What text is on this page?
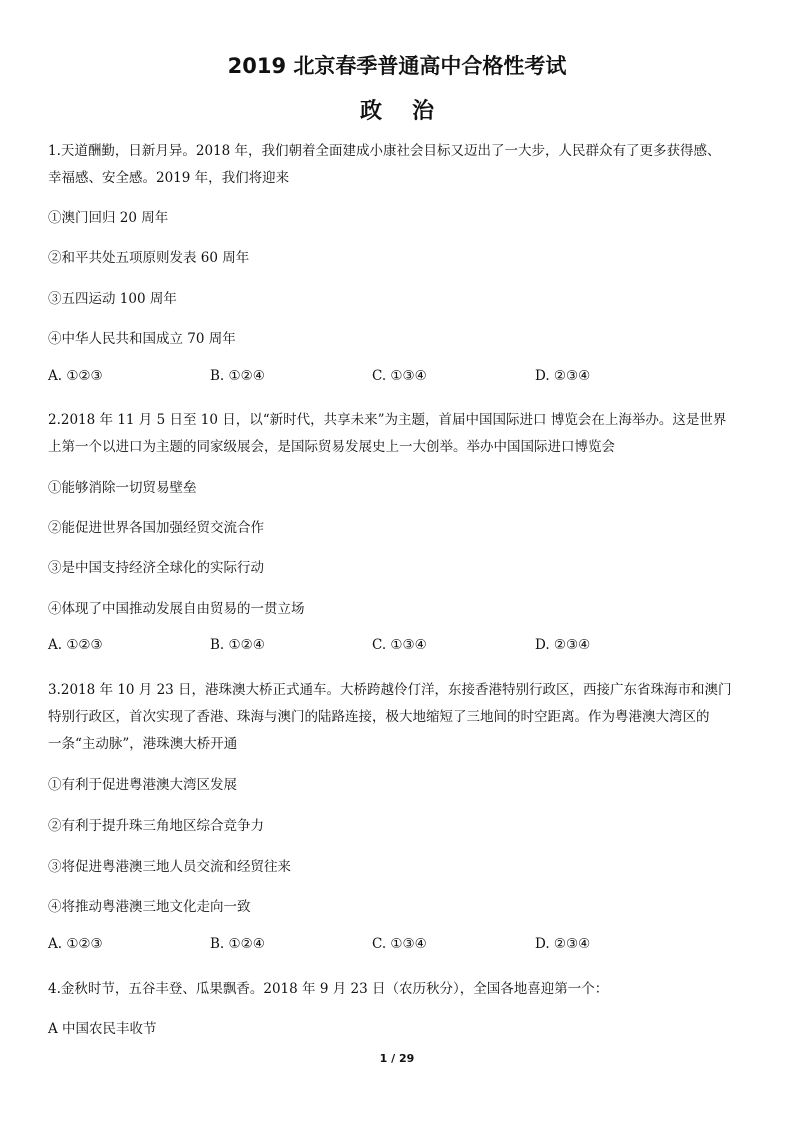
2019 北京春季普通高中合格性考试
政治
1.天道酬勤，日新月异。2018 年，我们朝着全面建成小康社会目标又迈出了一大步，人民群众有了更多获得感、
幸福感、安全感。2019 年，我们将迎来
①澳门回归 20 周年
②和平共处五项原则发表 60 周年
③五四运动 100 周年
④中华人民共和国成立 70 周年
A. ①②③	B. ①②④	C. ①③④	D. ②③④
2.2018 年 11 月 5 日至 10 日，以“新时代，共享未来”为主题，首届中国国际进口 博览会在上海举办。这是世界
上第一个以进口为主题的同家级展会，是国际贸易发展史上一大创举。举办中国国际进口博览会
①能够消除一切贸易壁垒
②能促进世界各国加强经贸交流合作
③是中国支持经济全球化的实际行动
④体现了中国推动发展自由贸易的一贯立场
A. ①②③	B. ①②④	C. ①③④	D. ②③④
3.2018 年 10 月 23 日，港珠澳大桥正式通车。大桥跨越伶仃洋，东接香港特别行政区，西接广东省珠海市和澳门
特别行政区，首次实现了香港、珠海与澳门的陆路连接，极大地缩短了三地间的时空距离。作为粤港澳大湾区的
一条“主动脉”，港珠澳大桥开通
①有利于促进粤港澳大湾区发展
②有利于提升珠三角地区综合竞争力
③将促进粤港澳三地人员交流和经贸往来
④将推动粤港澳三地文化走向一致
A. ①②③	B. ①②④	C. ①③④	D. ②③④
4.金秋时节，五谷丰登、瓜果飘香。2018 年 9 月 23 日（农历秋分），全国各地喜迎第一个：
A 中国农民丰收节
1 / 29
